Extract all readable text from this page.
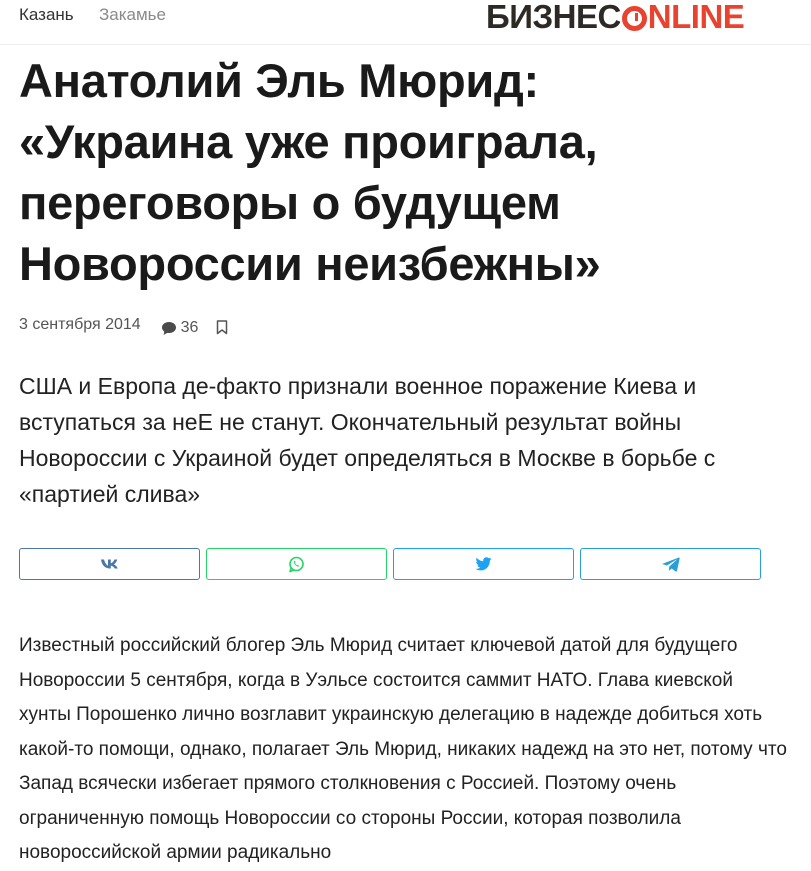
Казань Закамье	БИЗНЕС NLINE
Анатолий Эль Мюрид: «Украина уже проиграла, переговоры о будущем Новороссии неизбежны»
3 сентября 2014	36

США и Европа де-факто признали военное поражение Киева и вступаться за неЕ не станут. Окончательный результат войны Новороссии с Украиной будет определяться в Москве в борьбе с «партией слива»

Известный российский блогер Эль Мюрид считает ключевой датой для будущего Новороссии 5 сентября, когда в Уэльсе состоится саммит НАТО. Глава киевской хунты Порошенко лично возглавит украинскую делегацию в надежде добиться хоть какой-то помощи, однако, полагает Эль Мюрид, никаких надежд на это нет, потому что Запад всячески избегает прямого столкновения с Россией. Поэтому очень ограниченную помощь Новороссии со стороны России, которая позволила новороссийской армии радикально
